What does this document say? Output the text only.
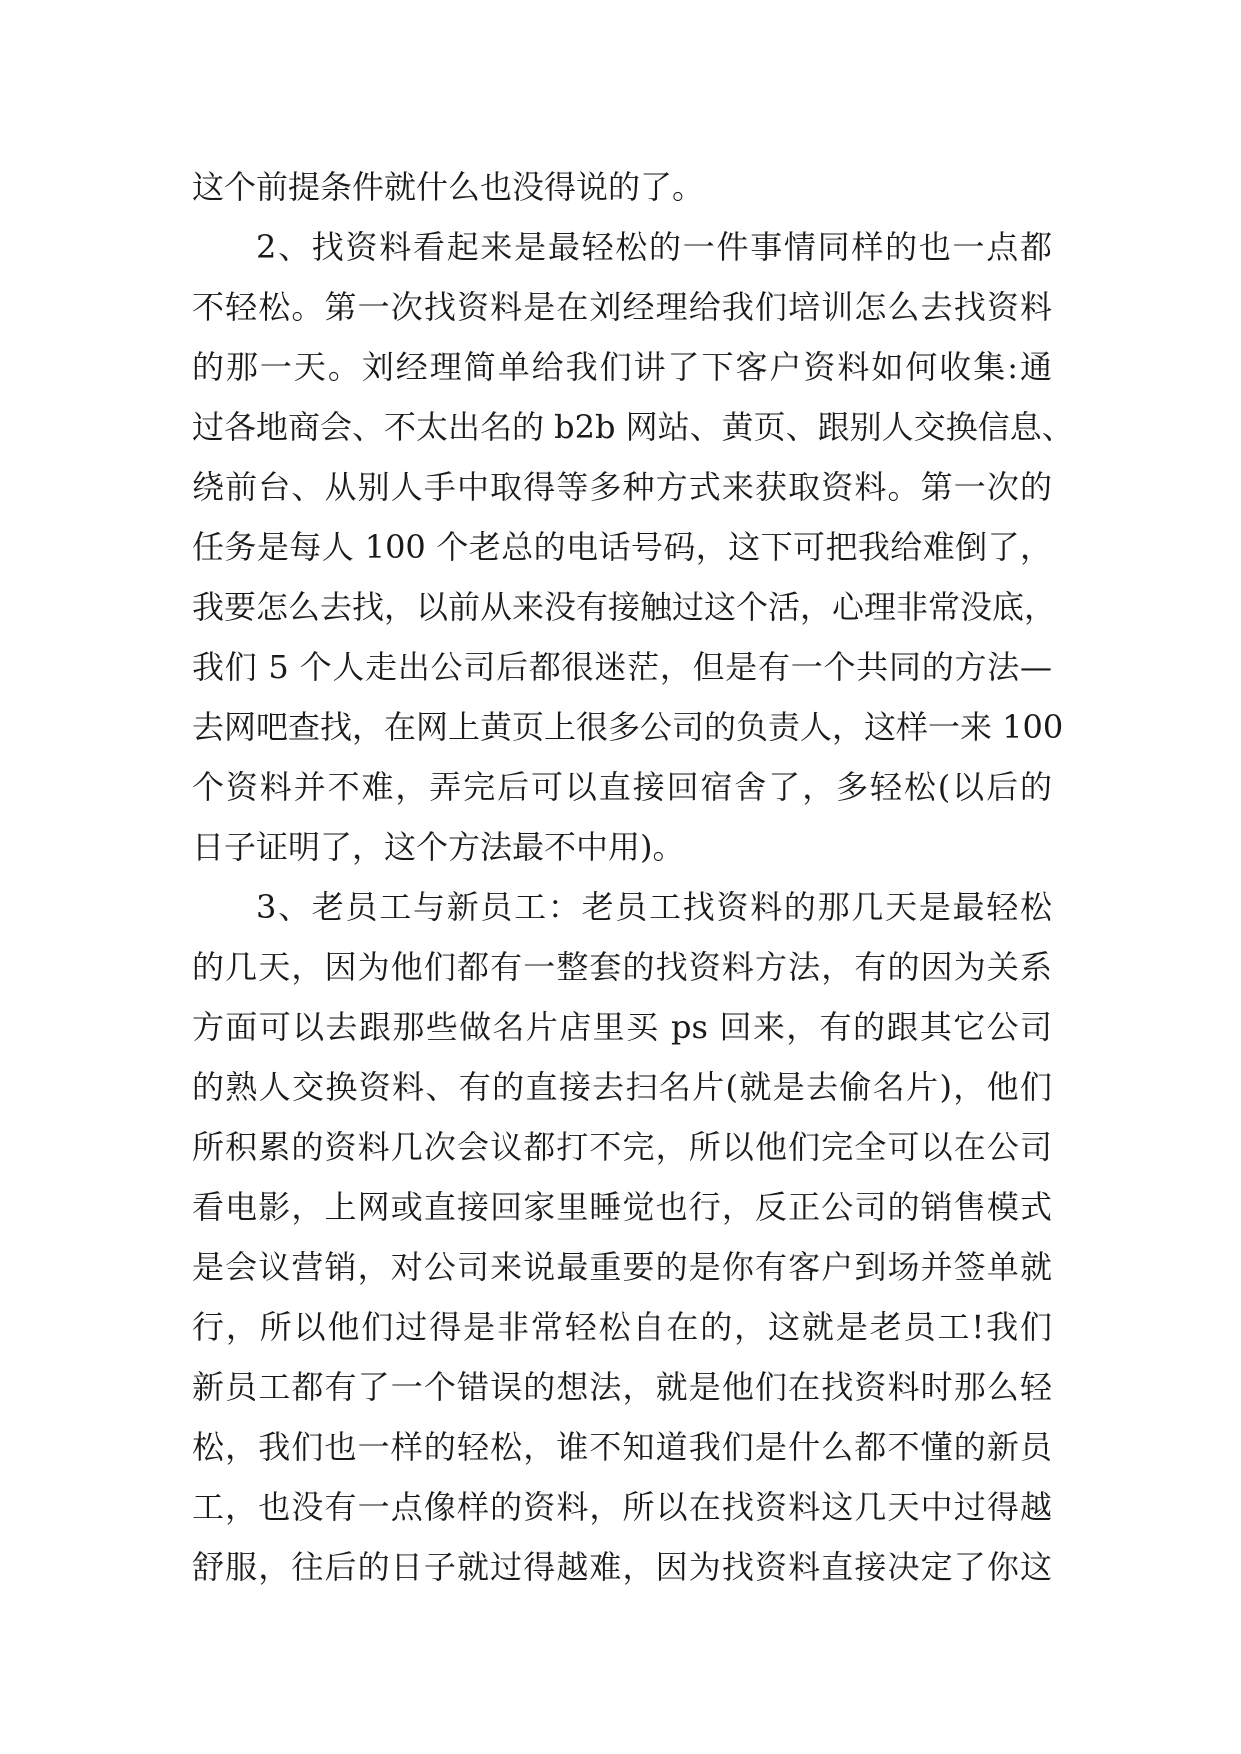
这个前提条件就什么也没得说的了。
2、找资料看起来是最轻松的一件事情同样的也一点都
不轻松。第一次找资料是在刘经理给我们培训怎么去找资料
的那一天。刘经理简单给我们讲了下客户资料如何收集:通
过各地商会、不太出名的 b2b 网站、黄页、跟别人交换信息、
绕前台、从别人手中取得等多种方式来获取资料。第一次的
任务是每人 100 个老总的电话号码，这下可把我给难倒了，
我要怎么去找，以前从来没有接触过这个活，心理非常没底，
我们 5 个人走出公司后都很迷茫，但是有一个共同的方法—
去网吧查找，在网上黄页上很多公司的负责人，这样一来 100
个资料并不难，弄完后可以直接回宿舍了，多轻松(以后的
日子证明了，这个方法最不中用)。
3、老员工与新员工：老员工找资料的那几天是最轻松
的几天，因为他们都有一整套的找资料方法，有的因为关系
方面可以去跟那些做名片店里买 ps 回来，有的跟其它公司
的熟人交换资料、有的直接去扫名片(就是去偷名片)，他们
所积累的资料几次会议都打不完，所以他们完全可以在公司
看电影，上网或直接回家里睡觉也行，反正公司的销售模式
是会议营销，对公司来说最重要的是你有客户到场并签单就
行，所以他们过得是非常轻松自在的，这就是老员工!我们
新员工都有了一个错误的想法，就是他们在找资料时那么轻
松，我们也一样的轻松，谁不知道我们是什么都不懂的新员
工，也没有一点像样的资料，所以在找资料这几天中过得越
舒服，往后的日子就过得越难，因为找资料直接决定了你这
